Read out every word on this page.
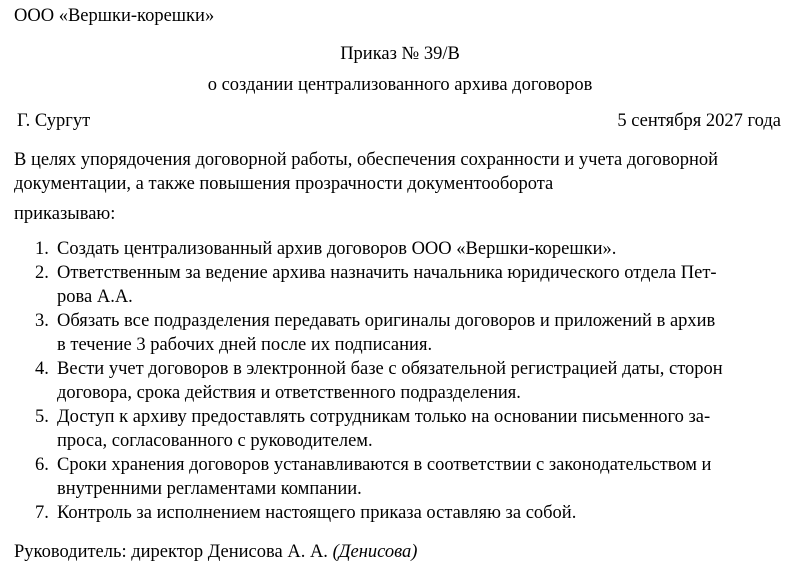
ООО «Вершки-корешки»
Приказ № 39/В
о создании централизованного архива договоров
Г. Сургут	5 сентября 2027 года
В целях упорядочения договорной работы, обеспечения сохранности и учета договорной документации, а также повышения прозрачности документооборота
приказываю:
1. Создать централизованный архив договоров ООО «Вершки-корешки».
2. Ответственным за ведение архива назначить начальника юридического отдела Пет-
рова А.А.
3. Обязать все подразделения передавать оригиналы договоров и приложений в архив
в течение 3 рабочих дней после их подписания.
4. Вести учет договоров в электронной базе с обязательной регистрацией даты, сторон
договора, срока действия и ответственного подразделения.
5. Доступ к архиву предоставлять сотрудникам только на основании письменного за-
проса, согласованного с руководителем.
6. Сроки хранения договоров устанавливаются в соответствии с законодательством и
внутренними регламентами компании.
7. Контроль за исполнением настоящего приказа оставляю за собой.
Руководитель: директор Денисова А. А. (Денисова)
